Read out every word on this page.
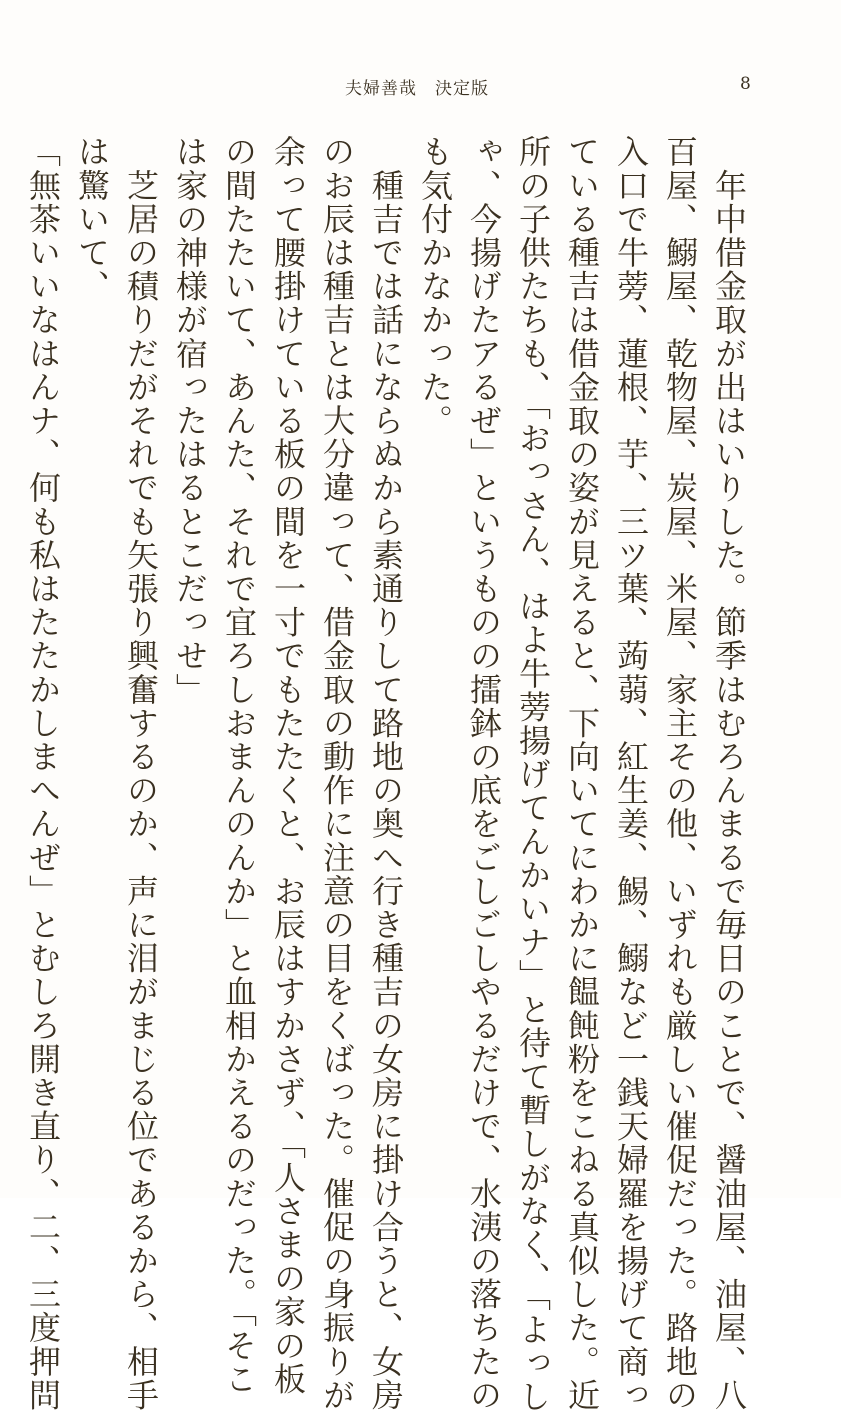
夫婦善哉　決定版	8
　年中借金取が出はいりした。節季はむろんまるで毎日のことで、醤油屋、油屋、八
百屋、鰯屋、乾物屋、炭屋、米屋、家主その他、いずれも厳しい催促だった。路地の
入口で牛蒡、蓮根、芋、三ツ葉、蒟蒻、紅生姜、鯣、鰯など一銭天婦羅を揚げて商っ
ている種吉は借金取の姿が見えると、下向いてにわかに饂飩粉をこねる真似した。近
所の子供たちも、「おっさん、はよ牛蒡揚げてんかいナ」と待て暫しがなく、「よっし
ゃ、今揚げたアるぜ」というものの擂鉢の底をごしごしやるだけで、水洟の落ちたの
も気付かなかった。
　種吉では話にならぬから素通りして路地の奥へ行き種吉の女房に掛け合うと、女房
のお辰は種吉とは大分違って、借金取の動作に注意の目をくばった。催促の身振りが
余って腰掛けている板の間を一寸でもたたくと、お辰はすかさず、「人さまの家の板
の間たたいて、あんた、それで宜ろしおまんのんか」と血相かえるのだった。「そこ
は家の神様が宿ったはるとこだっせ」
　芝居の積りだがそれでも矢張り興奮するのか、声に泪がまじる位であるから、相手
は驚いて、
「無茶いいなはんナ、何も私はたたかしまへんぜ」とむしろ開き直り、二、三度押問
